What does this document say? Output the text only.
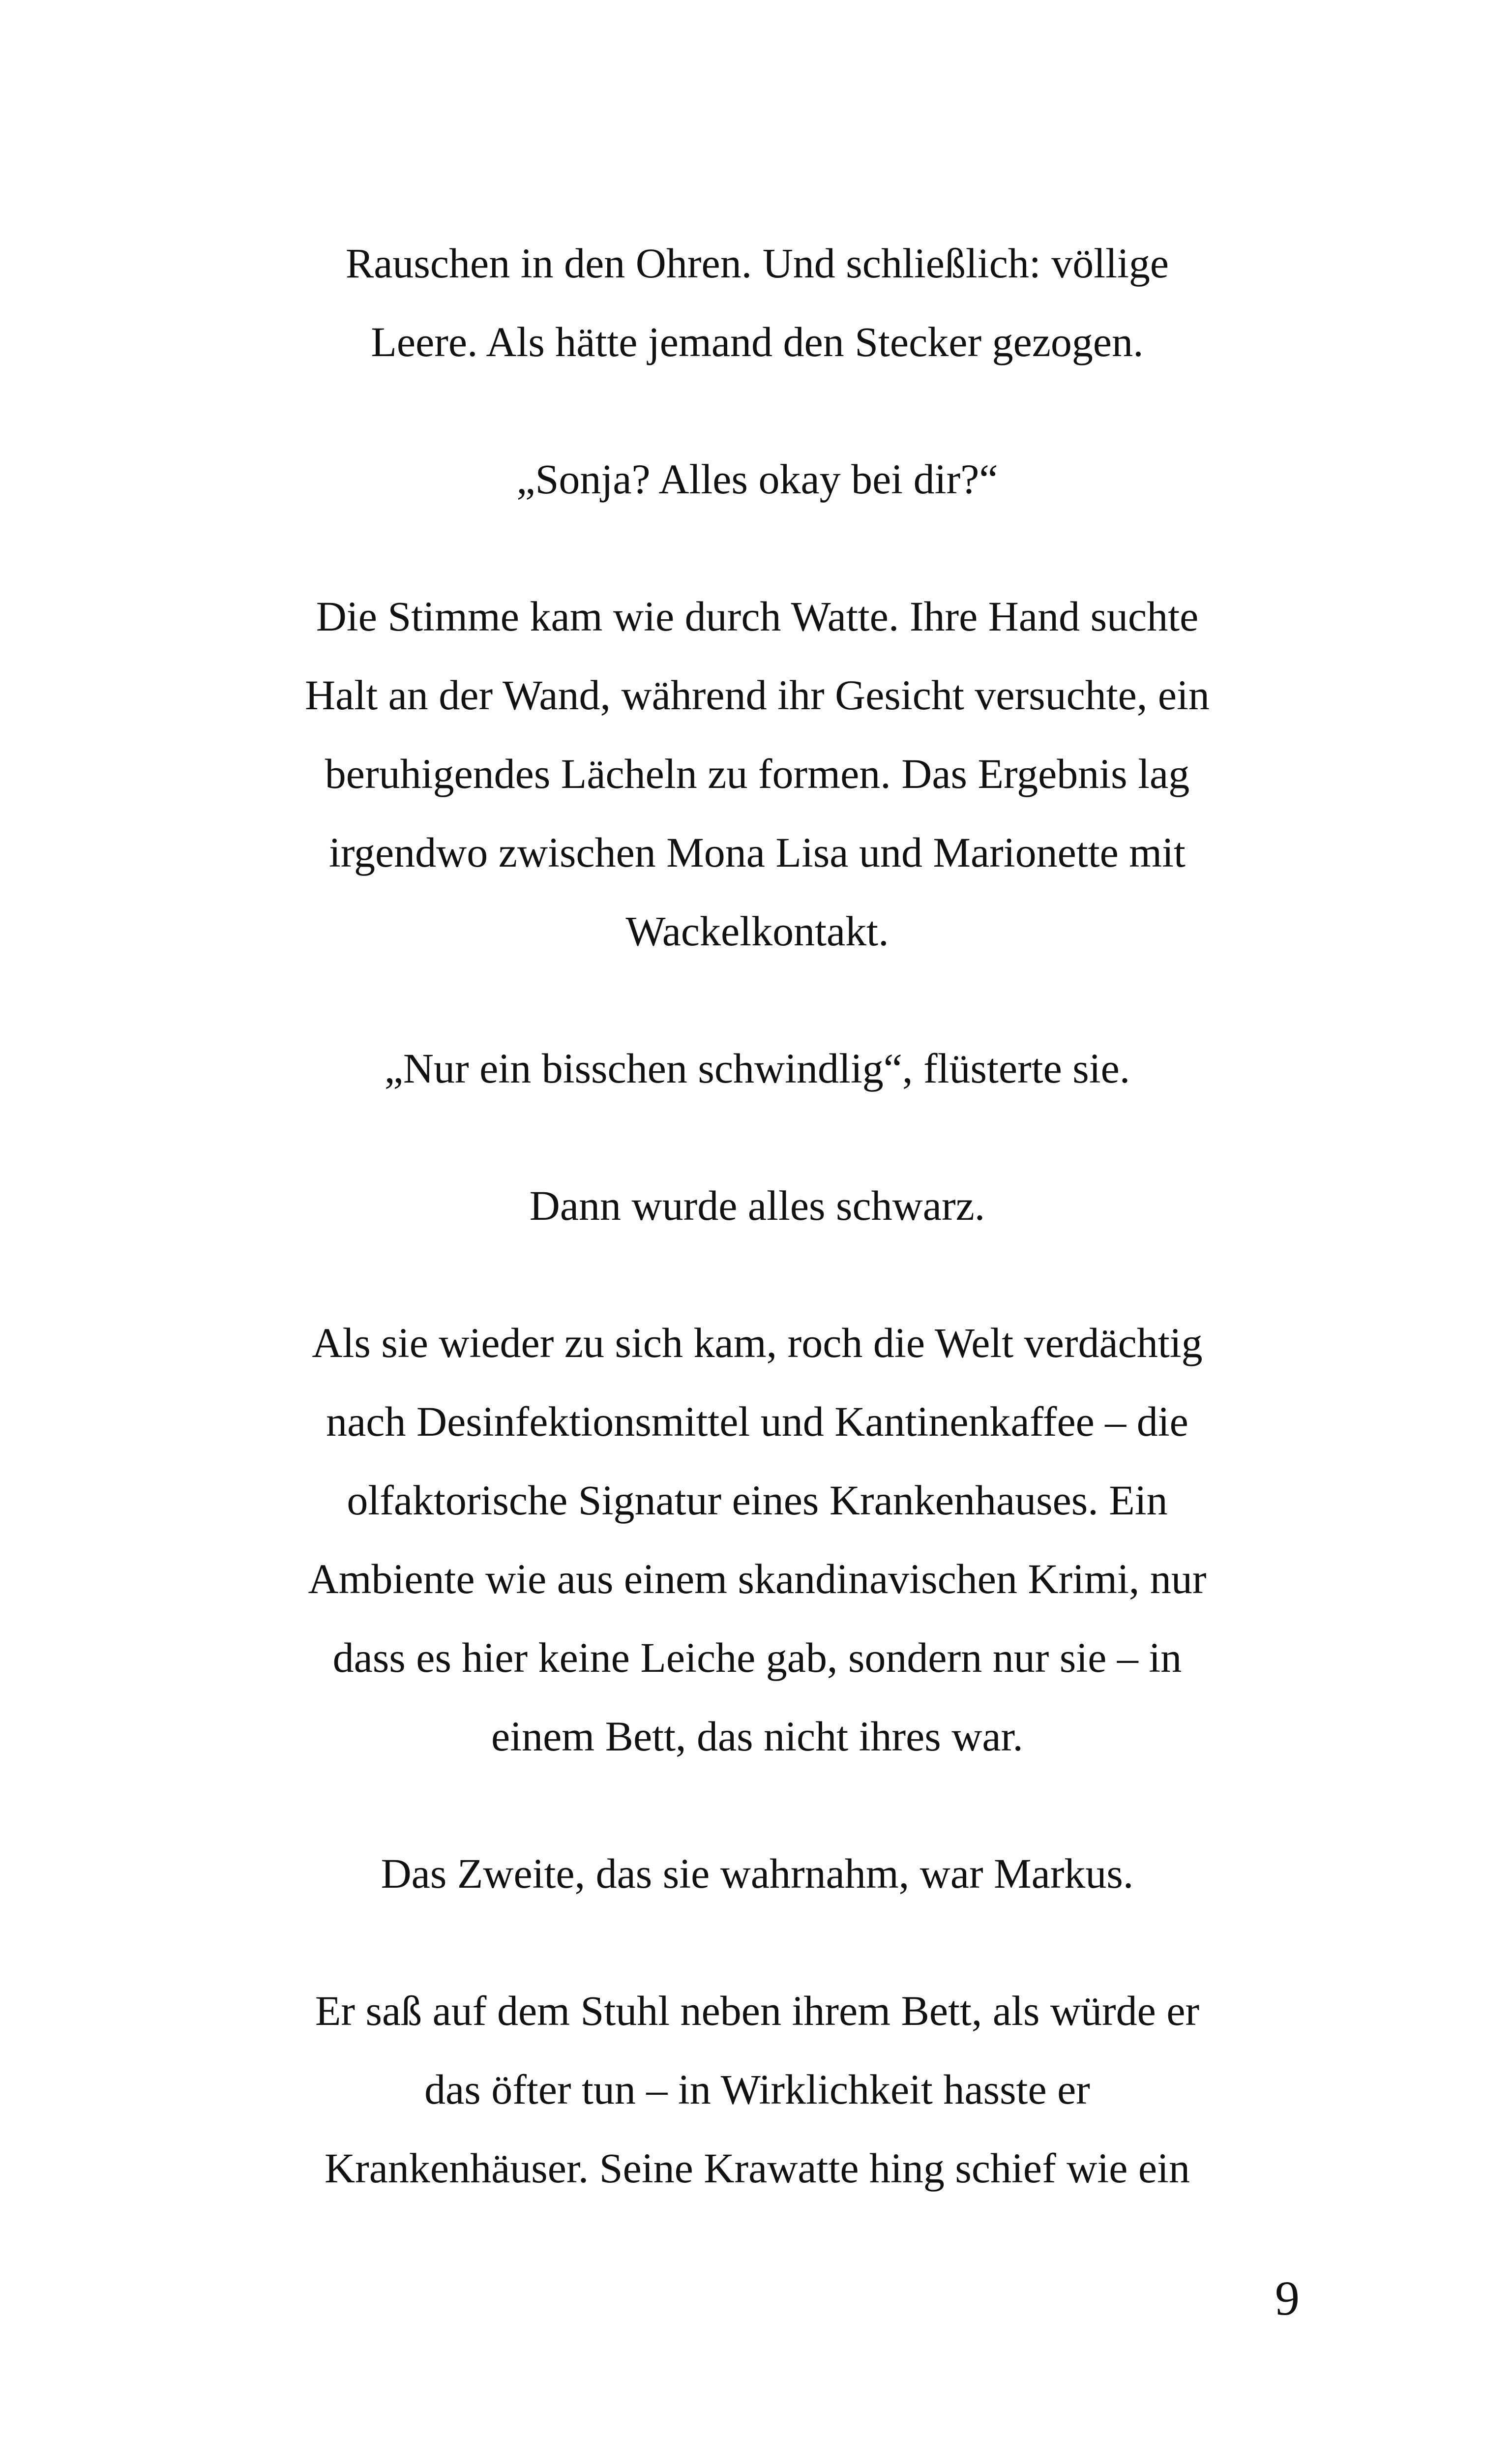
Rauschen in den Ohren. Und schließlich: völlige
Leere. Als hätte jemand den Stecker gezogen.

„Sonja? Alles okay bei dir?“

Die Stimme kam wie durch Watte. Ihre Hand suchte
Halt an der Wand, während ihr Gesicht versuchte, ein
beruhigendes Lächeln zu formen. Das Ergebnis lag
irgendwo zwischen Mona Lisa und Marionette mit
Wackelkontakt.

„Nur ein bisschen schwindlig“, flüsterte sie.

Dann wurde alles schwarz.

Als sie wieder zu sich kam, roch die Welt verdächtig
nach Desinfektionsmittel und Kantinenkaffee – die
olfaktorische Signatur eines Krankenhauses. Ein
Ambiente wie aus einem skandinavischen Krimi, nur
dass es hier keine Leiche gab, sondern nur sie – in
einem Bett, das nicht ihres war.

Das Zweite, das sie wahrnahm, war Markus.

Er saß auf dem Stuhl neben ihrem Bett, als würde er
das öfter tun – in Wirklichkeit hasste er
Krankenhäuser. Seine Krawatte hing schief wie ein

9
